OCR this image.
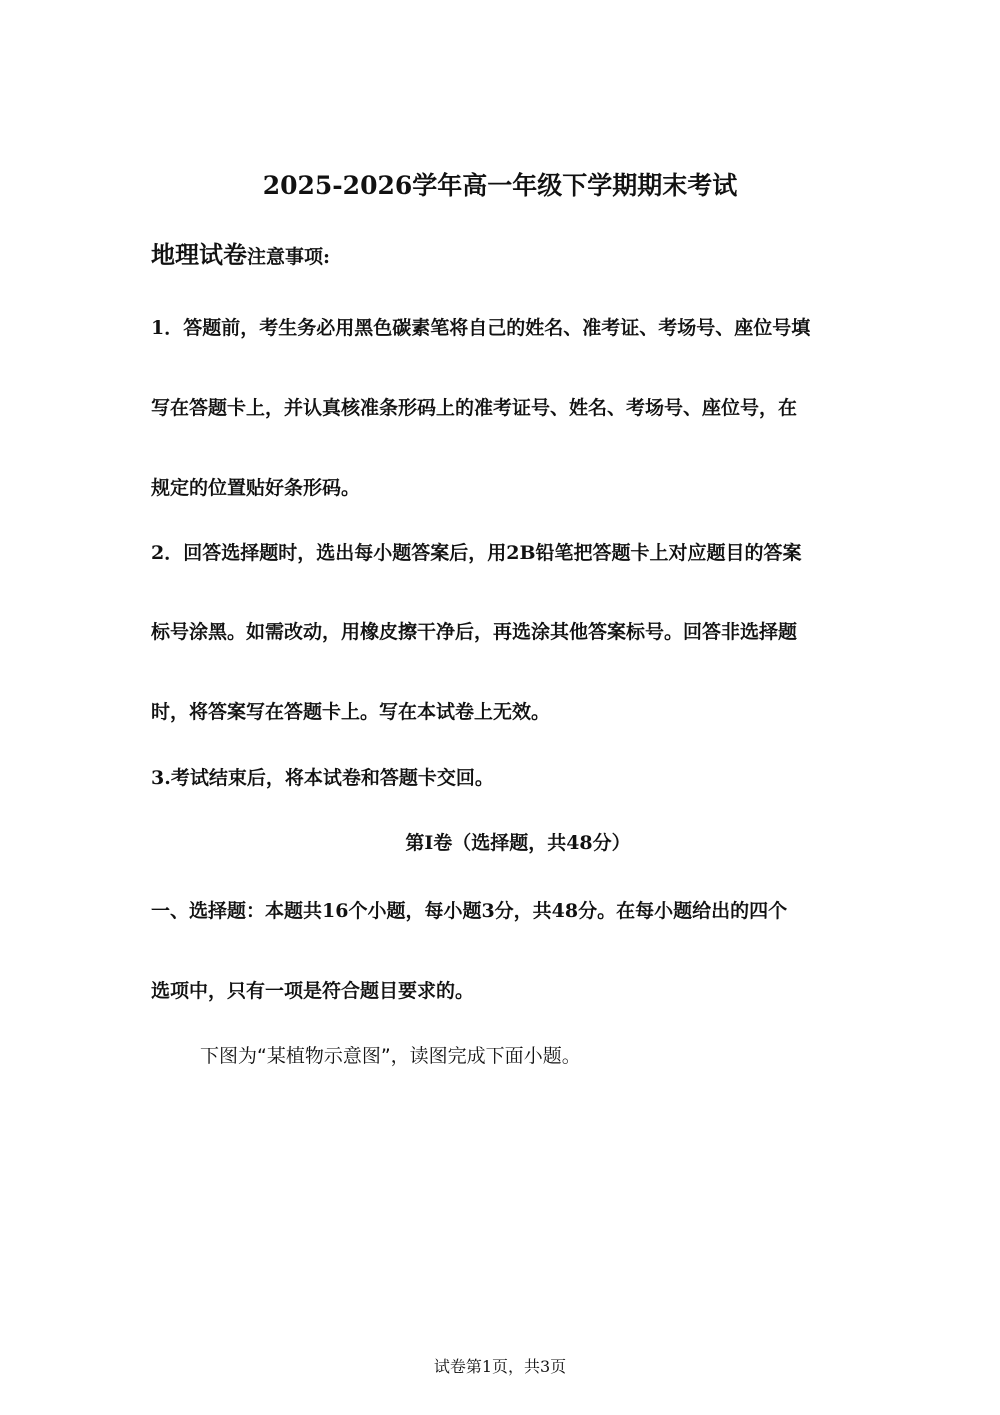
2025-2026学年高一年级下学期期末考试
地理试卷注意事项:
1．答题前，考生务必用黑色碳素笔将自己的姓名、准考证、考场号、座位号填
写在答题卡上，并认真核准条形码上的准考证号、姓名、考场号、座位号，在
规定的位置贴好条形码。
2．回答选择题时，选出每小题答案后，用2B铅笔把答题卡上对应题目的答案
标号涂黑。如需改动，用橡皮擦干净后，再选涂其他答案标号。回答非选择题
时，将答案写在答题卡上。写在本试卷上无效。
3.考试结束后，将本试卷和答题卡交回。
第I卷（选择题，共48分）
一、选择题：本题共16个小题，每小题3分，共48分。在每小题给出的四个
选项中，只有一项是符合题目要求的。
下图为“某植物示意图”，读图完成下面小题。
试卷第1页，共3页
